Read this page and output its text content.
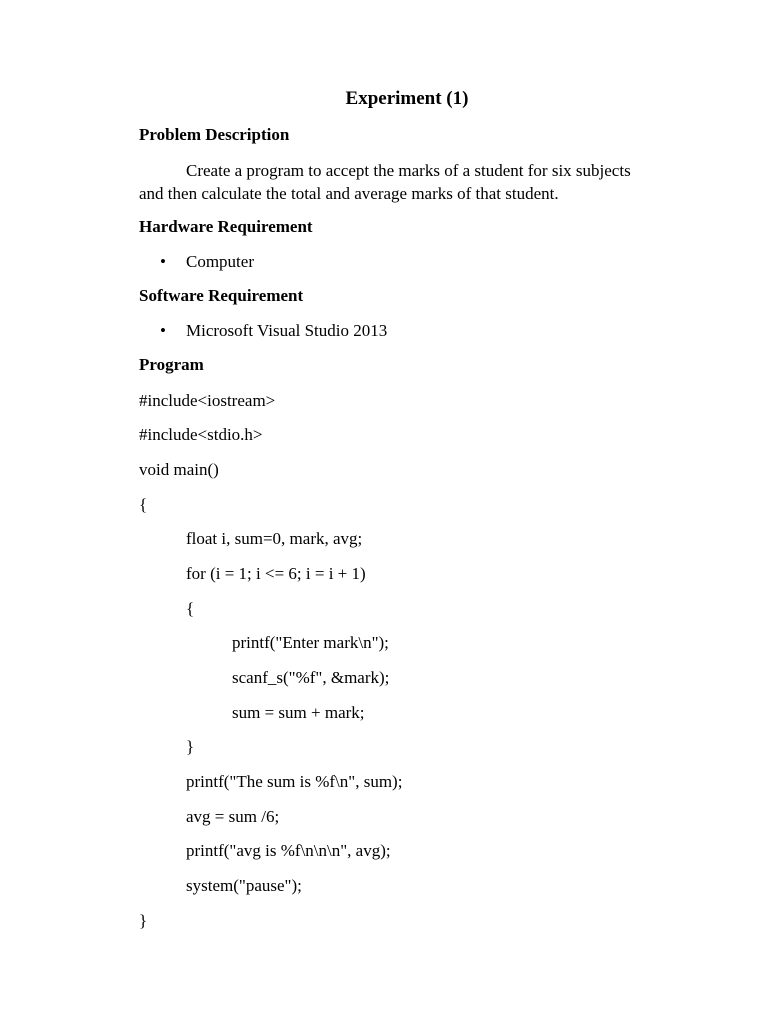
Experiment (1)
Problem Description
Create a program to accept the marks of a student for six subjects
and then calculate the total and average marks of that student.
Hardware Requirement
• Computer
Software Requirement
• Microsoft Visual Studio 2013
Program
#include<iostream>
#include<stdio.h>
void main()
{
float i, sum=0, mark, avg;
for (i = 1; i <= 6; i = i + 1)
{
printf("Enter mark\n");
scanf_s("%f", &mark);
sum = sum + mark;
}
printf("The sum is %f\n", sum);
avg = sum /6;
printf("avg is %f\n\n\n", avg);
system("pause");
}
